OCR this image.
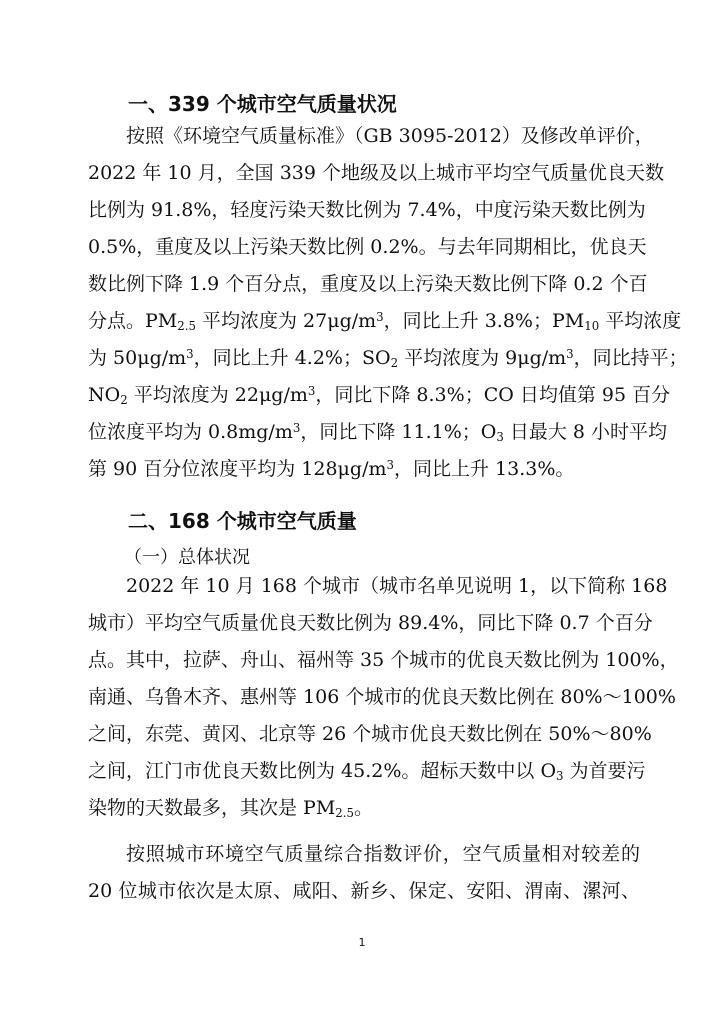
一、339 个城市空气质量状况
按照《环境空气质量标准》（GB 3095-2012）及修改单评价，
2022 年 10 月，全国 339 个地级及以上城市平均空气质量优良天数
比例为 91.8%，轻度污染天数比例为 7.4%，中度污染天数比例为
0.5%，重度及以上污染天数比例 0.2%。与去年同期相比，优良天
数比例下降 1.9 个百分点，重度及以上污染天数比例下降 0.2 个百
分点。$PM_{2.5}$ 平均浓度为 $27\mu g/m^3$，同比上升 3.8%；$PM_{10}$ 平均浓度
为 $50\mu g/m^3$，同比上升 4.2%；$SO_2$ 平均浓度为 $9\mu g/m^3$，同比持平；
$NO_2$ 平均浓度为 $22\mu g/m^3$，同比下降 8.3%；CO 日均值第 95 百分
位浓度平均为 $0.8mg/m^3$，同比下降 11.1%；$O_3$ 日最大 8 小时平均
第 90 百分位浓度平均为 $128\mu g/m^3$，同比上升 13.3%。
二、168 个城市空气质量
（一）总体状况
2022 年 10 月 168 个城市（城市名单见说明 1，以下简称 168
城市）平均空气质量优良天数比例为 89.4%，同比下降 0.7 个百分
点。其中，拉萨、舟山、福州等 35 个城市的优良天数比例为 100%，
南通、乌鲁木齐、惠州等 106 个城市的优良天数比例在 80%～100%
之间，东莞、黄冈、北京等 26 个城市优良天数比例在 50%～80%
之间，江门市优良天数比例为 45.2%。超标天数中以 $O_3$ 为首要污
染物的天数最多，其次是 $PM_{2.5}$。
按照城市环境空气质量综合指数评价，空气质量相对较差的
20 位城市依次是太原、咸阳、新乡、保定、安阳、渭南、漯河、
1
